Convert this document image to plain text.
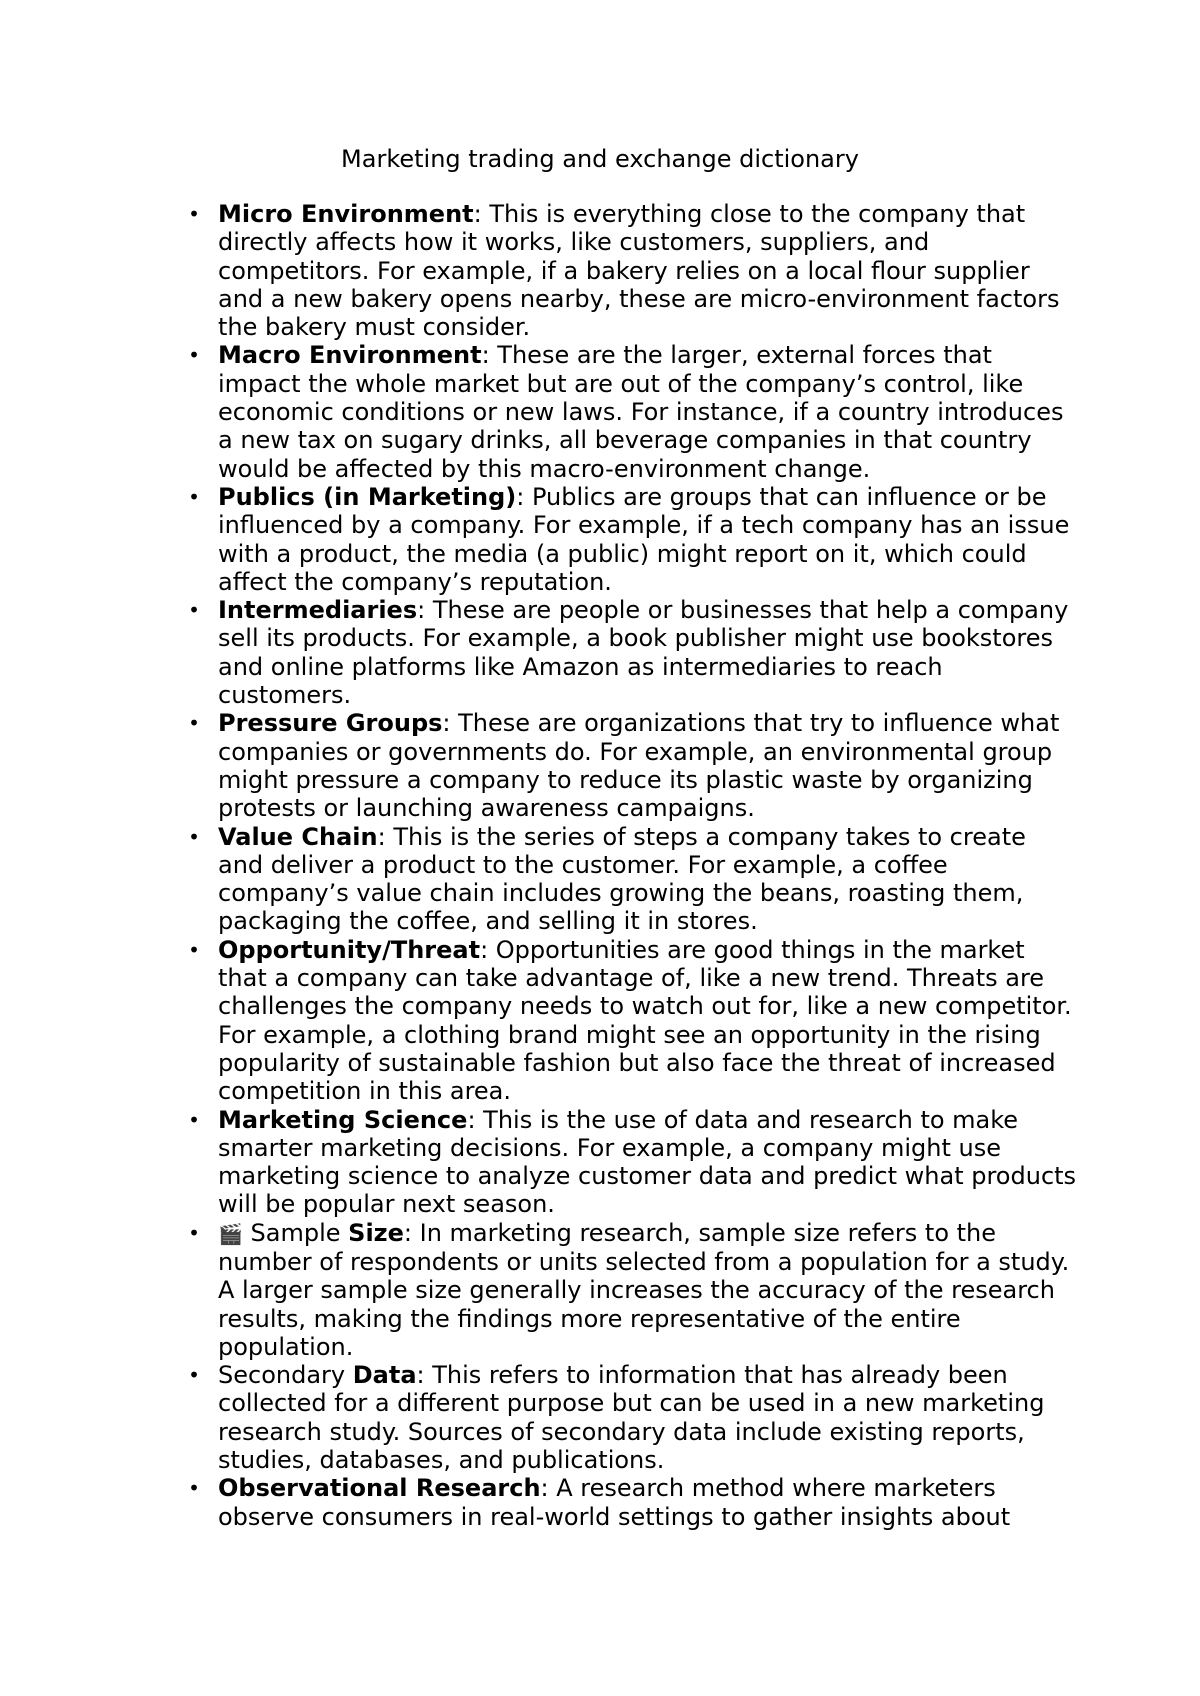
Marketing trading and exchange dictionary
• Micro Environment: This is everything close to the company that directly affects how it works, like customers, suppliers, and competitors. For example, if a bakery relies on a local flour supplier and a new bakery opens nearby, these are micro-environment factors the bakery must consider.
• Macro Environment: These are the larger, external forces that impact the whole market but are out of the company’s control, like economic conditions or new laws. For instance, if a country introduces a new tax on sugary drinks, all beverage companies in that country would be affected by this macro-environment change.
• Publics (in Marketing): Publics are groups that can influence or be influenced by a company. For example, if a tech company has an issue with a product, the media (a public) might report on it, which could affect the company’s reputation.
• Intermediaries: These are people or businesses that help a company sell its products. For example, a book publisher might use bookstores and online platforms like Amazon as intermediaries to reach customers.
• Pressure Groups: These are organizations that try to influence what companies or governments do. For example, an environmental group might pressure a company to reduce its plastic waste by organizing protests or launching awareness campaigns.
• Value Chain: This is the series of steps a company takes to create and deliver a product to the customer. For example, a coffee company’s value chain includes growing the beans, roasting them, packaging the coffee, and selling it in stores.
• Opportunity/Threat: Opportunities are good things in the market that a company can take advantage of, like a new trend. Threats are challenges the company needs to watch out for, like a new competitor. For example, a clothing brand might see an opportunity in the rising popularity of sustainable fashion but also face the threat of increased competition in this area.
• Marketing Science: This is the use of data and research to make smarter marketing decisions. For example, a company might use marketing science to analyze customer data and predict what products will be popular next season.
• 🎬 Sample Size: In marketing research, sample size refers to the number of respondents or units selected from a population for a study. A larger sample size generally increases the accuracy of the research results, making the findings more representative of the entire population.
• Secondary Data: This refers to information that has already been collected for a different purpose but can be used in a new marketing research study. Sources of secondary data include existing reports, studies, databases, and publications.
• Observational Research: A research method where marketers observe consumers in real-world settings to gather insights about
